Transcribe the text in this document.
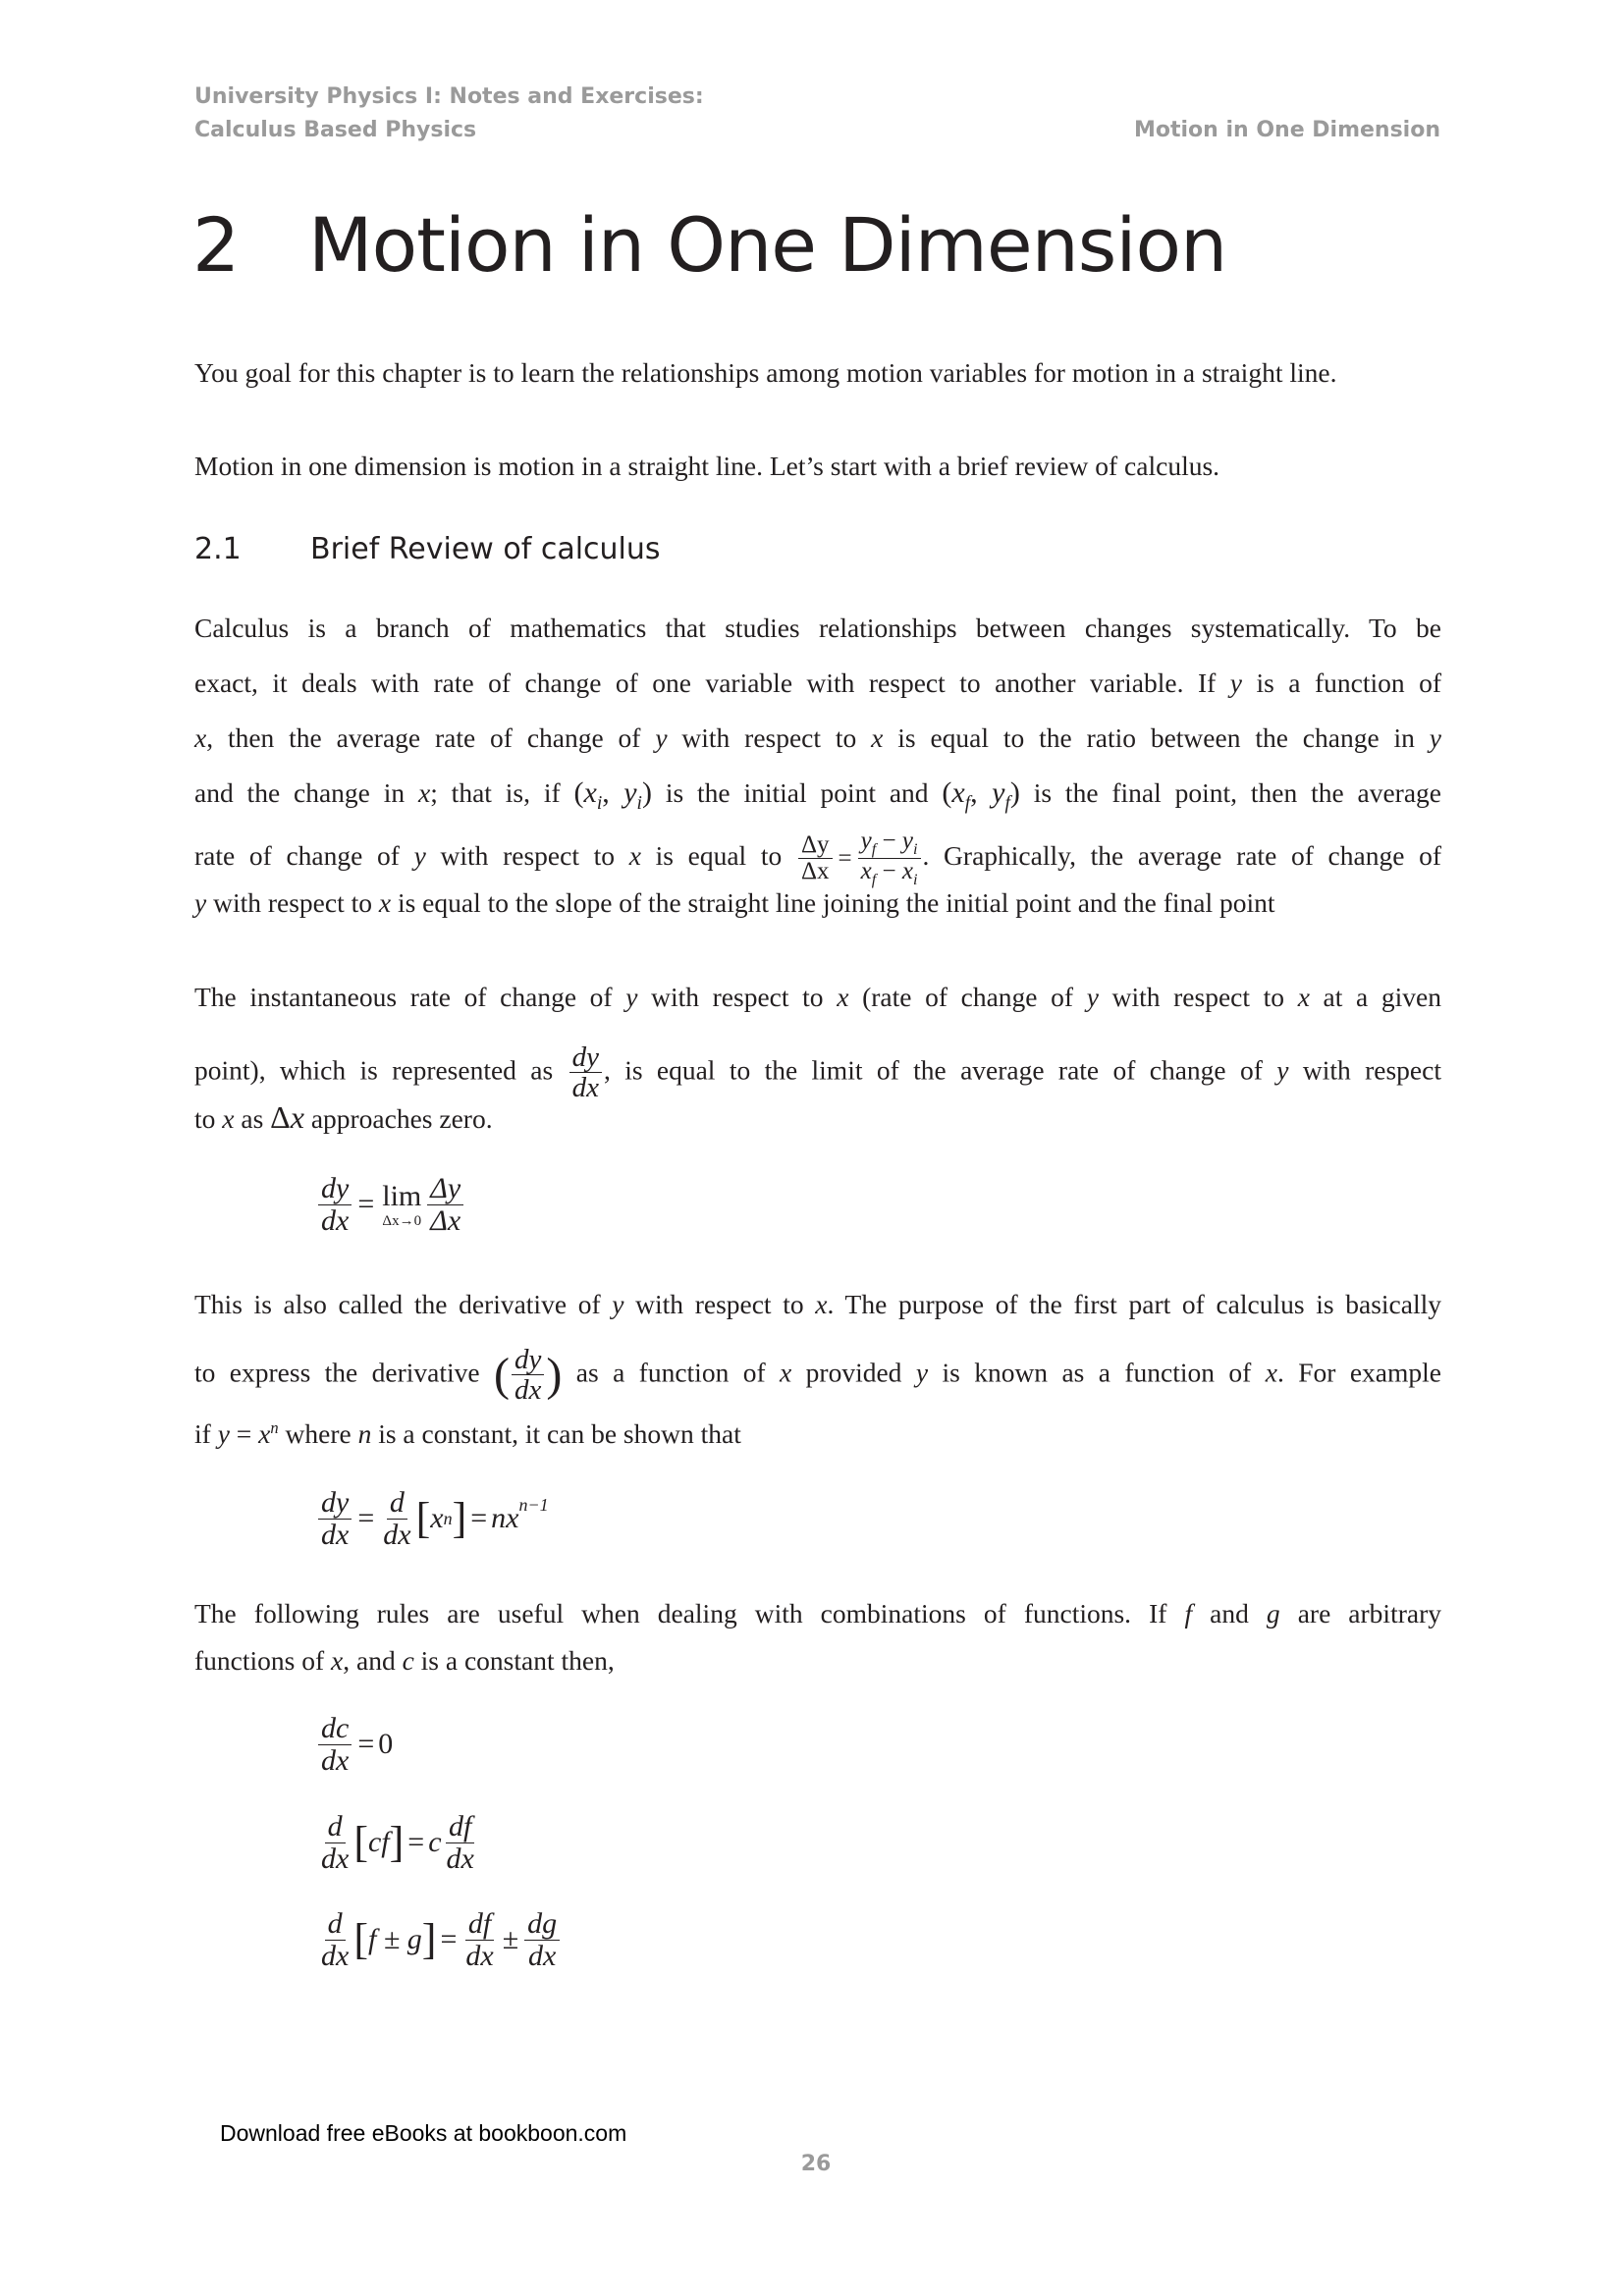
University Physics I: Notes and Exercises:
Calculus Based Physics	Motion in One Dimension
2 Motion in One Dimension
You goal for this chapter is to learn the relationships among motion variables for motion in a straight line.
Motion in one dimension is motion in a straight line. Let’s start with a brief review of calculus.
2.1 Brief Review of calculus
Calculus is a branch of mathematics that studies relationships between changes systematically. To be
exact, it deals with rate of change of one variable with respect to another variable. If y is a function of
x, then the average rate of change of y with respect to x is equal to the ratio between the change in y
and the change in x; that is, if ($x_i$, $y_i$) is the initial point and ($x_f$, $y_f$) is the final point, then the average
rate of change of y with respect to x is equal to $\frac{\Delta y}{\Delta x} = \frac{y_f - y_i}{x_f - x_i}$ . Graphically, the average rate of change of
y with respect to x is equal to the slope of the straight line joining the initial point and the final point
The instantaneous rate of change of y with respect to x (rate of change of y with respect to x at a given
point), which is represented as $\frac{dy}{dx}$ , is equal to the limit of the average rate of change of y with respect
to x as Δx approaches zero.
$\frac{dy}{dx} = \lim$
$\Delta x\to 0 \frac{\Delta y}{\Delta x}$
This is also called the derivative of y with respect to x. The purpose of the first part of calculus is basically
to express the derivative ( $\frac{dy}{dx}$ ) as a function of x provided y is known as a function of x. For example
if $y = x^n$ where n is a constant, it can be shown that
$\frac{dy}{dx} = \frac{d}{dx}$ [ x n ] = $nx^{n-1}$
The following rules are useful when dealing with combinations of functions. If f and g are arbitrary
functions of x, and c is a constant then,
$\frac{dc}{dx} = 0$
$\frac{d}{dx}$ [ cf ] = c $\frac{df}{dx}$
$\frac{d}{dx}$ [ f ± g ] = $\frac{df}{dx} \pm \frac{dg}{dx}$
Download free eBooks at bookboon.com
26
